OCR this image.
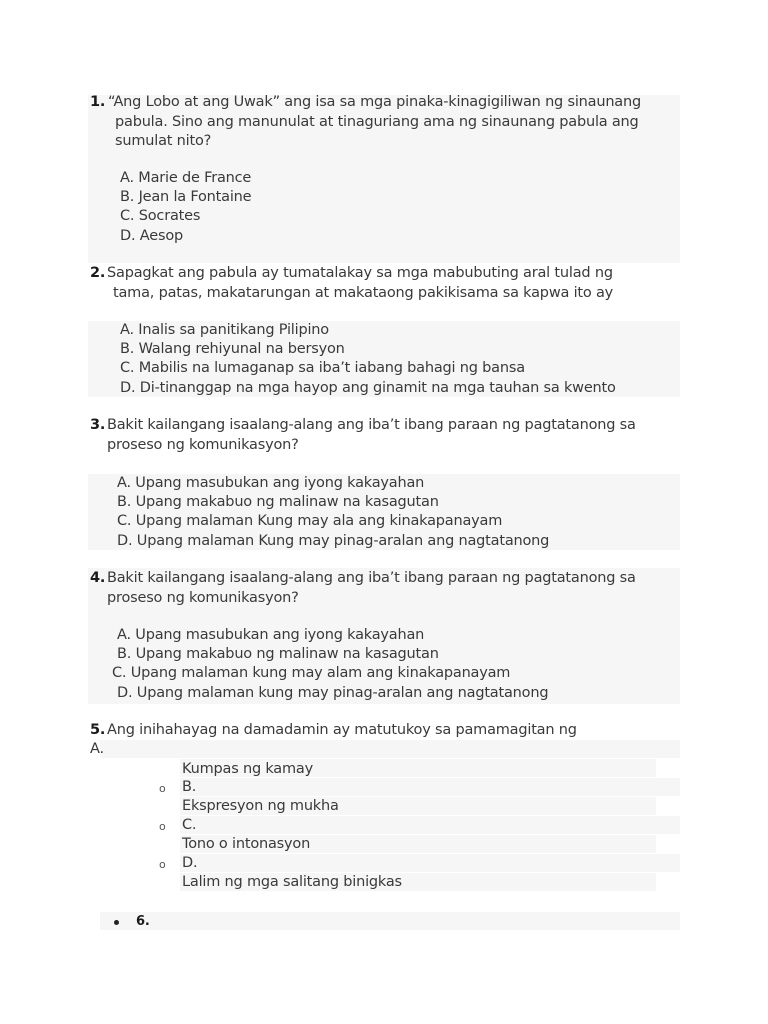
1. “Ang Lobo at ang Uwak” ang isa sa mga pinaka-kinagigiliwan ng sinaunang
pabula. Sino ang manunulat at tinaguriang ama ng sinaunang pabula ang
sumulat nito?
A. Marie de France
B. Jean la Fontaine
C. Socrates
D. Aesop
2. Sapagkat ang pabula ay tumatalakay sa mga mabubuting aral tulad ng
tama, patas, makatarungan at makataong pakikisama sa kapwa ito ay
A. Inalis sa panitikang Pilipino
B. Walang rehiyunal na bersyon
C. Mabilis na lumaganap sa iba’t iabang bahagi ng bansa
D. Di-tinanggap na mga hayop ang ginamit na mga tauhan sa kwento
3. Bakit kailangang isaalang-alang ang iba’t ibang paraan ng pagtatanong sa
proseso ng komunikasyon?
A. Upang masubukan ang iyong kakayahan
B. Upang makabuo ng malinaw na kasagutan
C. Upang malaman Kung may ala ang kinakapanayam
D. Upang malaman Kung may pinag-aralan ang nagtatanong
4. Bakit kailangang isaalang-alang ang iba’t ibang paraan ng pagtatanong sa
proseso ng komunikasyon?
A. Upang masubukan ang iyong kakayahan
B. Upang makabuo ng malinaw na kasagutan
C. Upang malaman kung may alam ang kinakapanayam
D. Upang malaman kung may pinag-aralan ang nagtatanong
5. Ang inihahayag na damadamin ay matutukoy sa pamamagitan ng
A.
Kumpas ng kamay
o B.
Ekspresyon ng mukha
o C.
Tono o intonasyon
o D.
Lalim ng mga salitang binigkas
6.
